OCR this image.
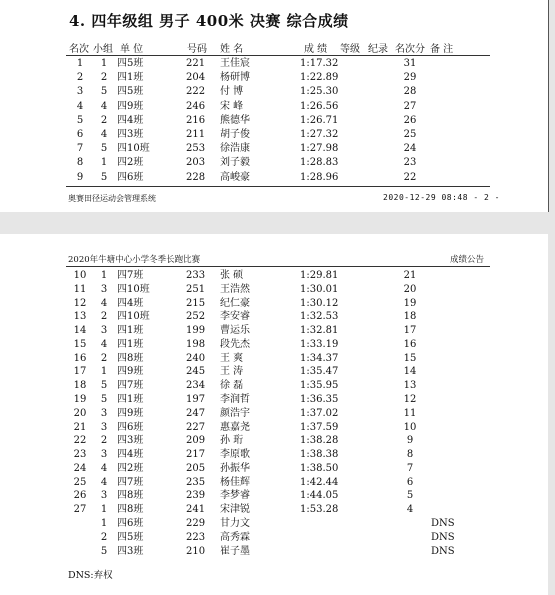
4. 四年级组 男子 400米 决赛 综合成绩
名次 小组 单 位	号码 姓 名	成 绩 等级 纪录 名次分 备 注
1	1 四5班	221 王佳宸	1:17.32	31
2	2 四1班	204 杨研博	1:22.89	29
3	5 四5班	222 付 博	1:25.30	28
4	4 四9班	246 宋 峰	1:26.56	27
5	2 四4班	216 熊德华	1:26.71	26
6	4 四3班	211 胡子俊	1:27.32	25
7	5 四10班	253 徐浩康	1:27.98	24
8	1 四2班	203 刘子毅	1:28.83	23
9	5 四6班	228 高峻豪	1:28.96	22
奥赛田径运动会管理系统	2020-12-29 08:48 - 2 -
2020年牛塘中心小学冬季长跑比赛	成绩公告
10	1 四7班	233 张 硕	1:29.81	21
11	3 四10班	251 王浩然	1:30.01	20
12	4 四4班	215 纪仁豪	1:30.12	19
13	2 四10班	252 李安睿	1:32.53	18
14	3 四1班	199 曹运乐	1:32.81	17
15	4 四1班	198 段先杰	1:33.19	16
16	2 四8班	240 王 爽	1:34.37	15
17	1 四9班	245 王 涛	1:35.47	14
18	5 四7班	234 徐 磊	1:35.95	13
19	5 四1班	197 李润哲	1:36.35	12
20	3 四9班	247 颜浩宇	1:37.02	11
21	3 四6班	227 惠嘉尧	1:37.59	10
22	2 四3班	209 孙 珩	1:38.28	9
23	3 四4班	217 李原歌	1:38.38	8
24	4 四2班	205 孙振华	1:38.50	7
25	4 四7班	235 杨佳辉	1:42.44	6
26	3 四8班	239 李梦睿	1:44.05	5
27	1 四8班	241 宋津锐	1:53.28	4
1 四6班	229 甘力文	DNS
2 四5班	223 高秀霖	DNS
5 四3班	210 崔子墨	DNS
DNS:弃权
